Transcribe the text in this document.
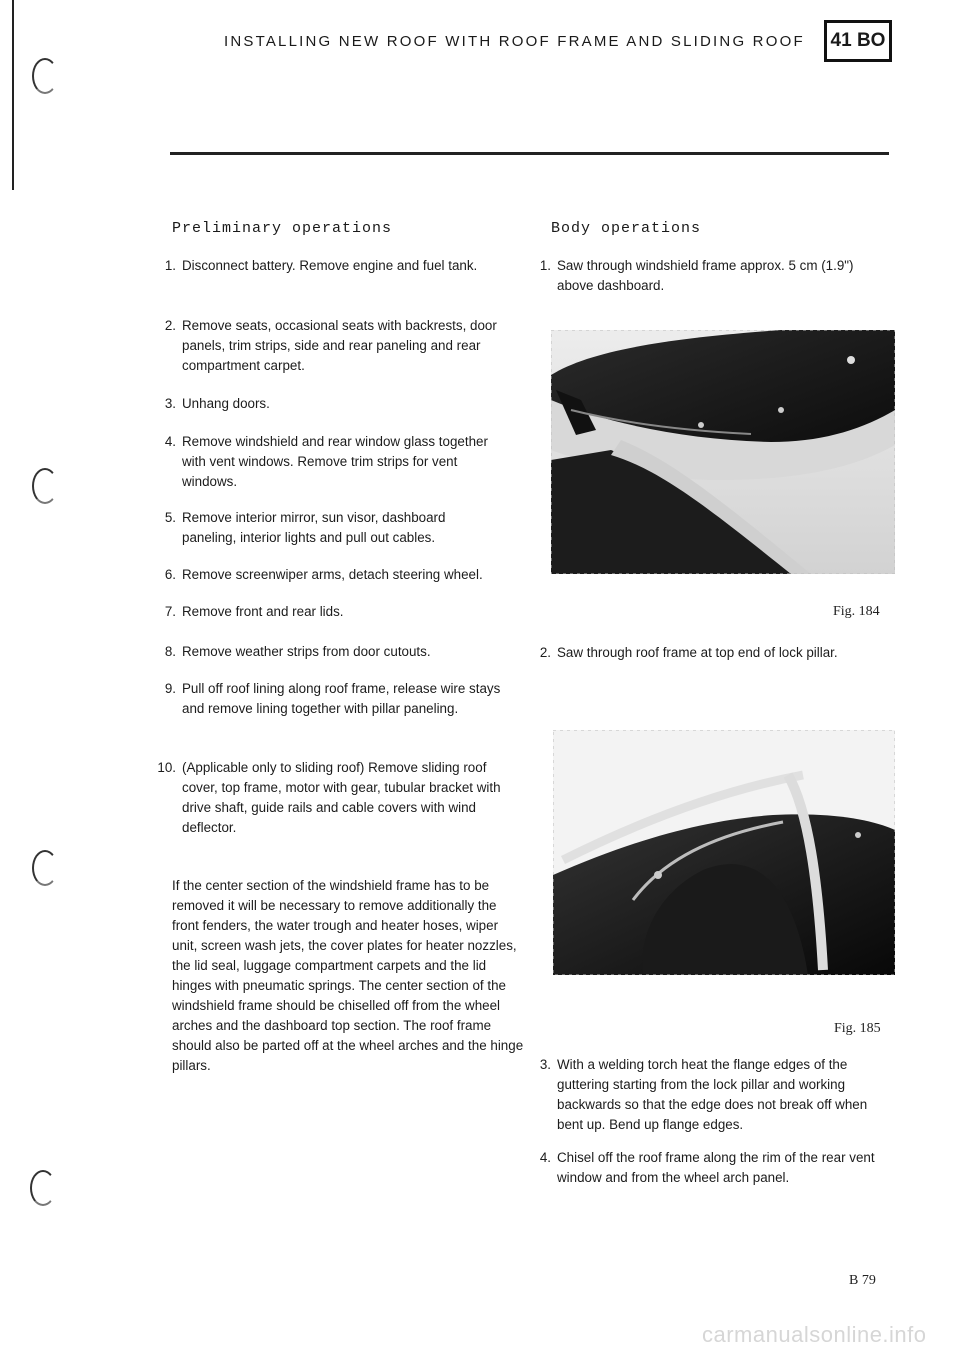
INSTALLING NEW ROOF WITH ROOF FRAME AND SLIDING ROOF	41 BO
Preliminary operations
1. Disconnect battery. Remove engine and fuel tank.
2. Remove seats, occasional seats with backrests, door panels, trim strips, side and rear paneling and rear compartment carpet.
3. Unhang doors.
4. Remove windshield and rear window glass together with vent windows. Remove trim strips for vent windows.
5. Remove interior mirror, sun visor, dashboard paneling, interior lights and pull out cables.
6. Remove screenwiper arms, detach steering wheel.
7. Remove front and rear lids.
8. Remove weather strips from door cutouts.
9. Pull off roof lining along roof frame, release wire stays and remove lining together with pillar paneling.
10. (Applicable only to sliding roof) Remove sliding roof cover, top frame, motor with gear, tubular bracket with drive shaft, guide rails and cable covers with wind deflector.
If the center section of the windshield frame has to be removed it will be necessary to remove additionally the front fenders, the water trough and heater hoses, wiper unit, screen wash jets, the cover plates for heater nozzles, the lid seal, luggage compartment carpets and the lid hinges with pneumatic springs. The center section of the windshield frame should be chiselled off from the wheel arches and the dashboard top section. The roof frame should also be parted off at the wheel arches and the hinge pillars.
Body operations
1. Saw through windshield frame approx. 5 cm (1.9") above dashboard.
Fig. 184
2. Saw through roof frame at top end of lock pillar.
Fig. 185
3. With a welding torch heat the flange edges of the guttering starting from the lock pillar and working backwards so that the edge does not break off when bent up. Bend up flange edges.
4. Chisel off the roof frame along the rim of the rear vent window and from the wheel arch panel.
B 79
carmanualsonline.info
